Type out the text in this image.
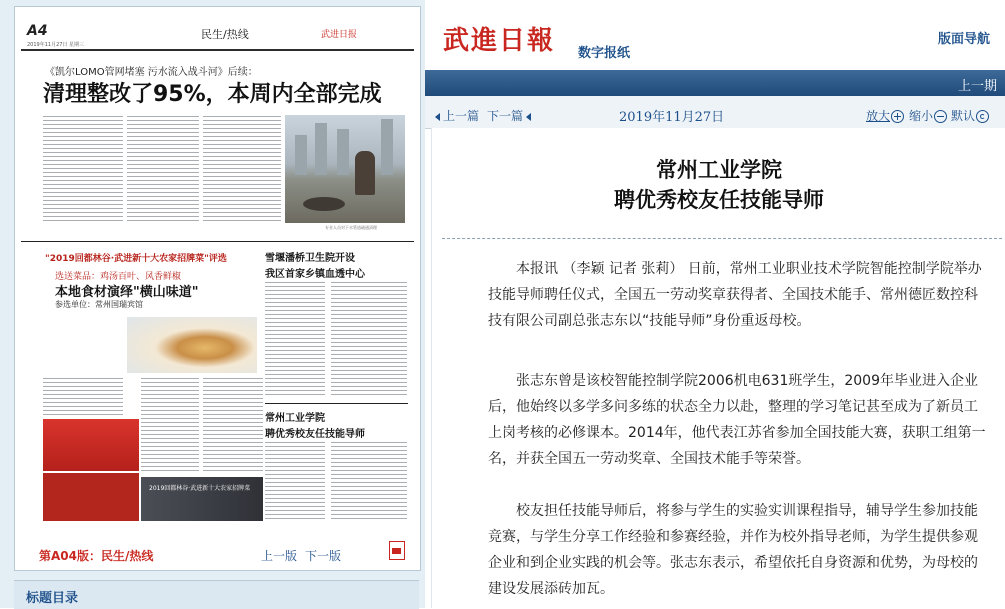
A4	民生/热线	武进日报
2019年11月27日 星期三
《凯尔LOMO管网堵塞 污水流入战斗河》后续：
清理整改了95%，本周内全部完成
专业人员对下水管道疏通清理
"2019回都林谷·武进新十大农家招牌菜"评选
选送菜品：鸡汤百叶、风香鲜椒
本地食材演绎"横山味道"
参选单位：常州国瑞宾馆
2019回都林谷·武进新十大农家招牌菜
雪堰潘桥卫生院开设
我区首家乡镇血透中心
常州工业学院
聘优秀校友任技能导师
第A04版：民生/热线	上一版 下一版
标题目录
武進日報 数字报纸
版面导航
上一期
上一篇 下一篇	2019年11月27日	放大	缩小	默认
常州工业学院
聘优秀校友任技能导师
本报讯 （李颖 记者 张莉） 日前，常州工业职业技术学院智能控制学院举办技能导师聘任仪式，全国五一劳动奖章获得者、全国技术能手、常州德匠数控科技有限公司副总张志东以“技能导师”身份重返母校。
张志东曾是该校智能控制学院2006机电631班学生，2009年毕业进入企业后，他始终以多学多问多练的状态全力以赴，整理的学习笔记甚至成为了新员工上岗考核的必修课本。2014年，他代表江苏省参加全国技能大赛，获职工组第一名，并获全国五一劳动奖章、全国技术能手等荣誉。
校友担任技能导师后，将参与学生的实验实训课程指导，辅导学生参加技能竞赛，与学生分享工作经验和参赛经验，并作为校外指导老师，为学生提供参观企业和到企业实践的机会等。张志东表示，希望依托自身资源和优势，为母校的建设发展添砖加瓦。
